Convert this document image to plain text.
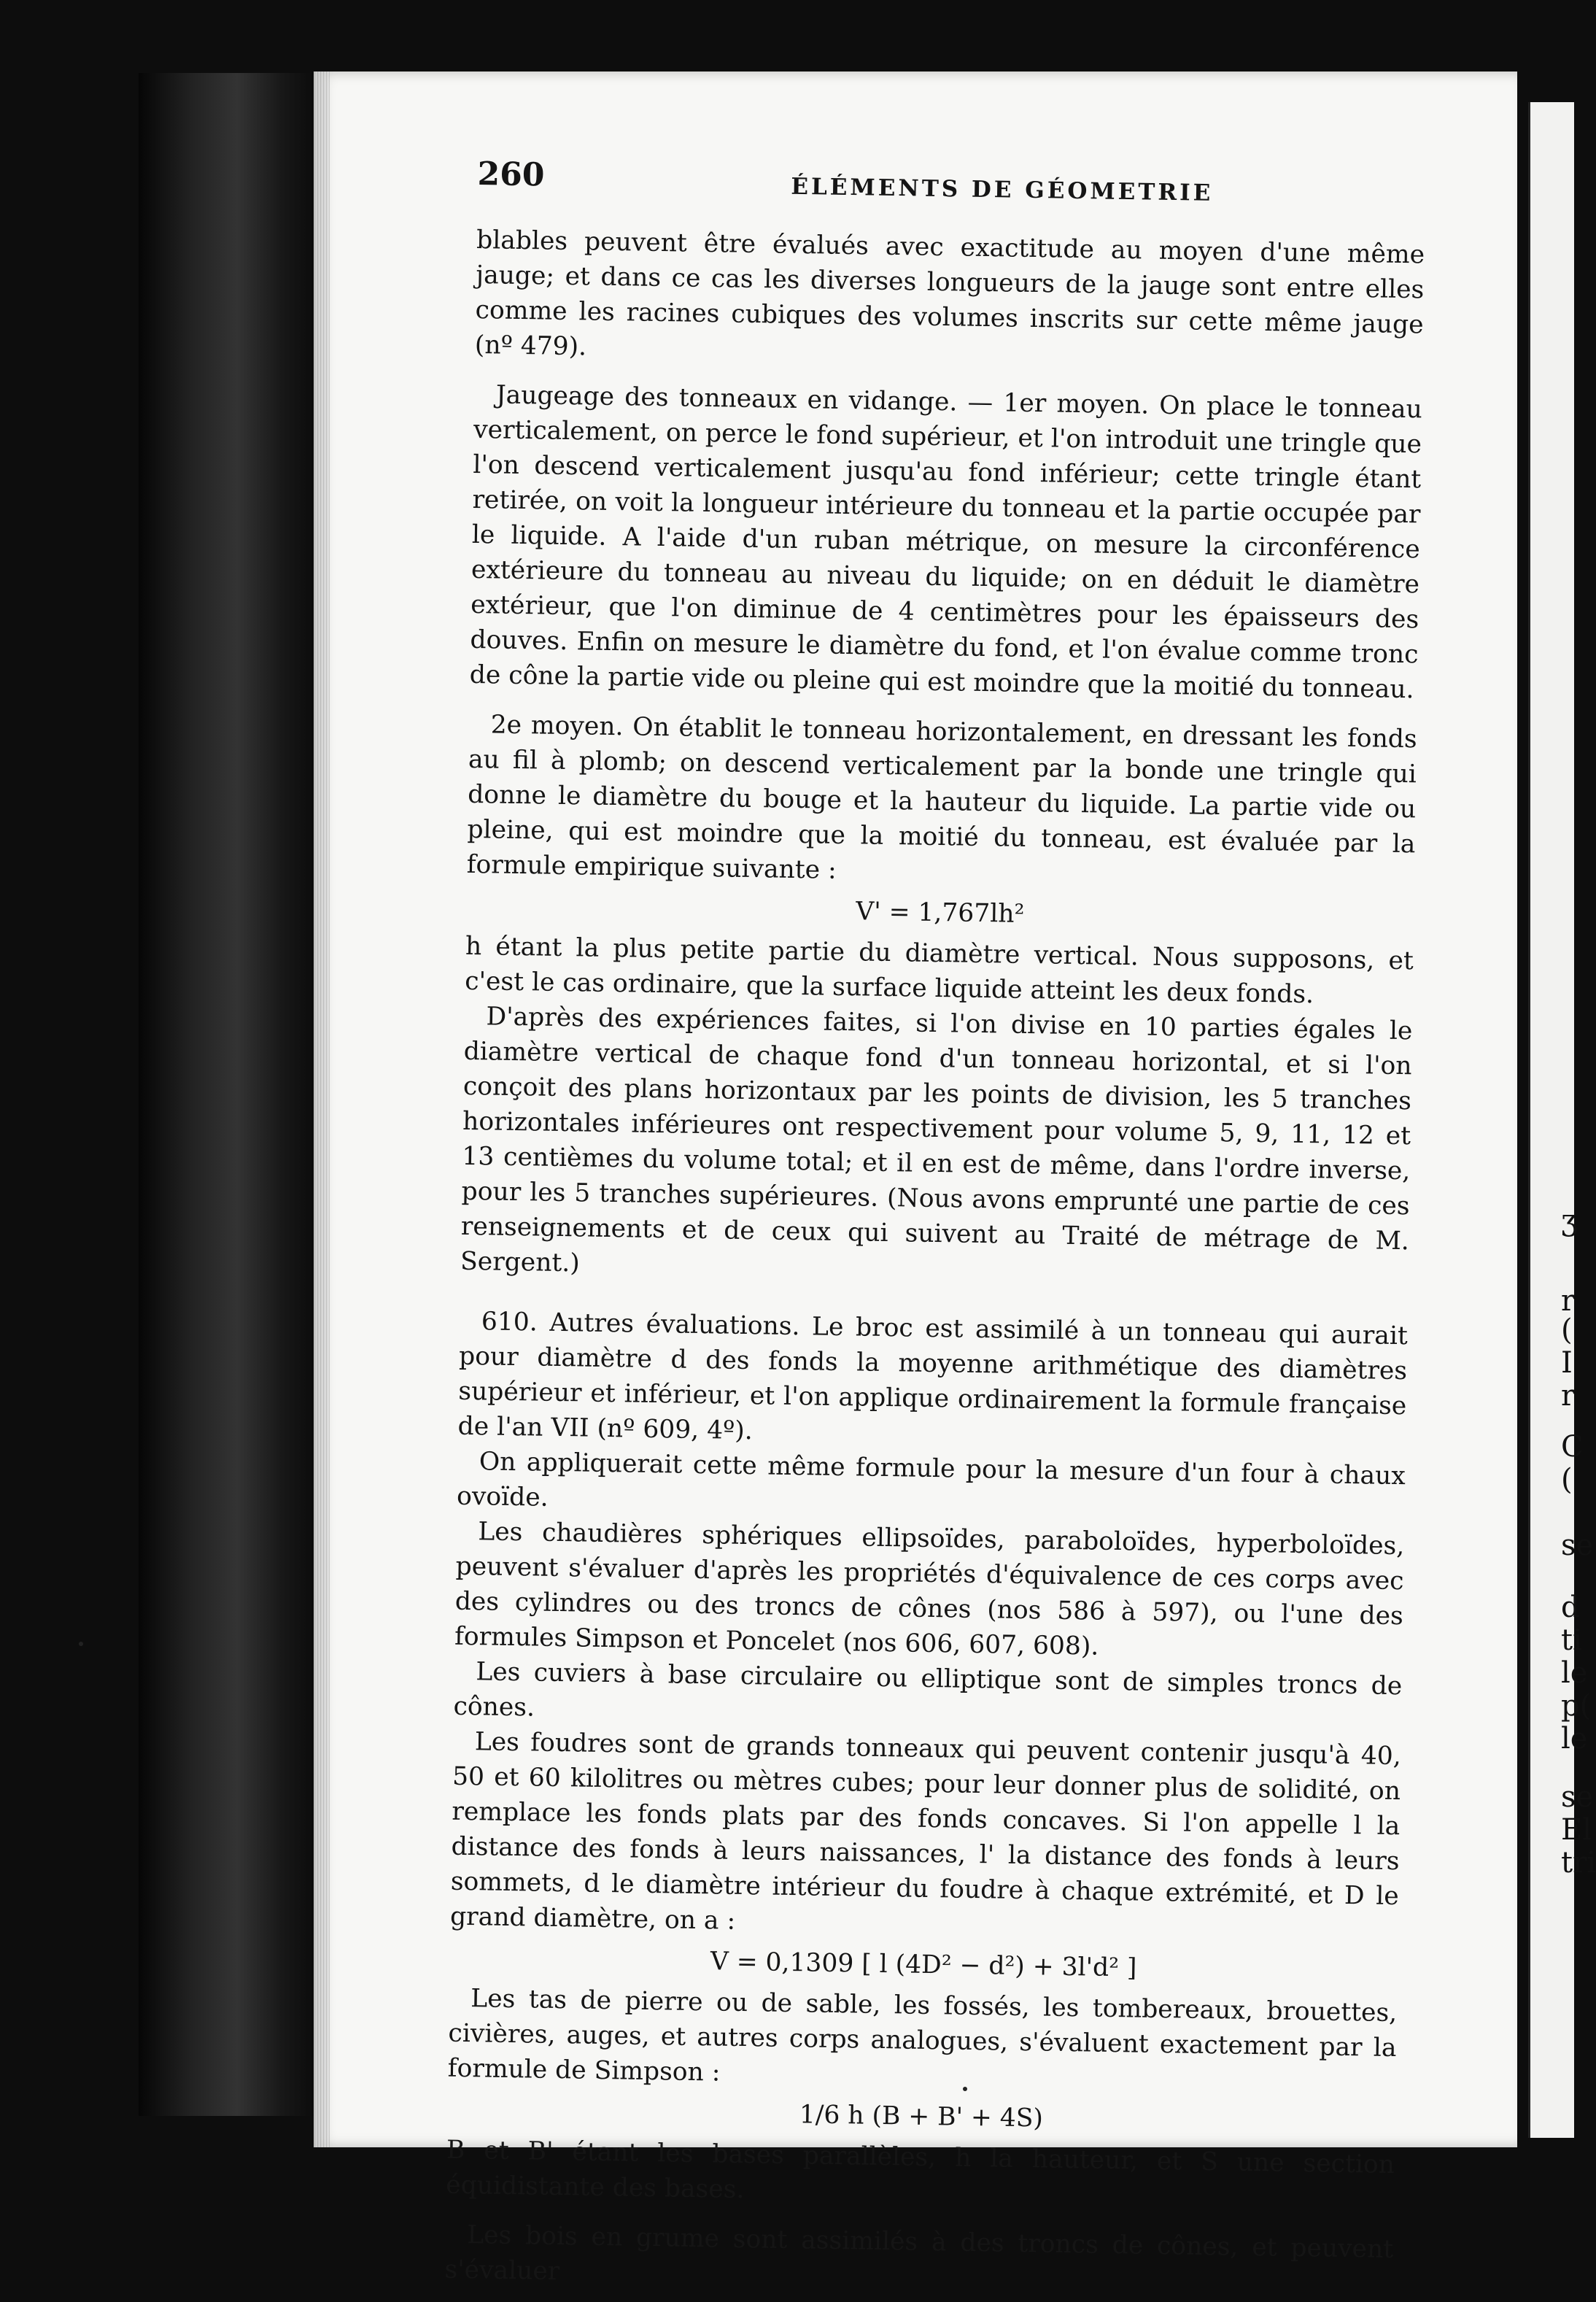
ʒ
r
(
I
r
C
(
se
d
ti
le
p(
le
se
El
tri
260	ÉLÉMENTS DE GÉOMETRIE

blables peuvent être évalués avec exactitude au moyen d'une même jauge; et dans ce cas les diverses longueurs de la jauge sont entre elles comme les racines cubiques des volumes inscrits sur cette même jauge (nº 479).

Jaugeage des tonneaux en vidange. — 1er moyen. On place le tonneau verticalement, on perce le fond supérieur, et l'on introduit une tringle que l'on descend verticalement jusqu'au fond inférieur; cette tringle étant retirée, on voit la longueur intérieure du tonneau et la partie occupée par le liquide. A l'aide d'un ruban métrique, on mesure la circonférence extérieure du tonneau au niveau du liquide; on en déduit le diamètre extérieur, que l'on diminue de 4 centimètres pour les épaisseurs des douves. Enfin on mesure le diamètre du fond, et l'on évalue comme tronc de cône la partie vide ou pleine qui est moindre que la moitié du tonneau.

2e moyen. On établit le tonneau horizontalement, en dressant les fonds au fil à plomb; on descend verticalement par la bonde une tringle qui donne le diamètre du bouge et la hauteur du liquide. La partie vide ou pleine, qui est moindre que la moitié du tonneau, est évaluée par la formule empirique suivante :

V' = 1,767lh²

h étant la plus petite partie du diamètre vertical. Nous supposons, et c'est le cas ordinaire, que la surface liquide atteint les deux fonds.

D'après des expériences faites, si l'on divise en 10 parties égales le diamètre vertical de chaque fond d'un tonneau horizontal, et si l'on conçoit des plans horizontaux par les points de division, les 5 tranches horizontales inférieures ont respectivement pour volume 5, 9, 11, 12 et 13 centièmes du volume total; et il en est de même, dans l'ordre inverse, pour les 5 tranches supérieures. (Nous avons emprunté une partie de ces renseignements et de ceux qui suivent au Traité de métrage de M. Sergent.)

610. Autres évaluations. Le broc est assimilé à un tonneau qui aurait pour diamètre d des fonds la moyenne arithmétique des diamètres supérieur et inférieur, et l'on applique ordinairement la formule française de l'an VII (nº 609, 4º).

On appliquerait cette même formule pour la mesure d'un four à chaux ovoïde.

Les chaudières sphériques ellipsoïdes, paraboloïdes, hyperboloïdes, peuvent s'évaluer d'après les propriétés d'équivalence de ces corps avec des cylindres ou des troncs de cônes (nos 586 à 597), ou l'une des formules Simpson et Poncelet (nos 606, 607, 608).

Les cuviers à base circulaire ou elliptique sont de simples troncs de cônes.

Les foudres sont de grands tonneaux qui peuvent contenir jusqu'à 40, 50 et 60 kilolitres ou mètres cubes; pour leur donner plus de solidité, on remplace les fonds plats par des fonds concaves. Si l'on appelle l la distance des fonds à leurs naissances, l' la distance des fonds à leurs sommets, d le diamètre intérieur du foudre à chaque extrémité, et D le grand diamètre, on a :

V = 0,1309 [ l (4D² − d²) + 3l'd² ]

Les tas de pierre ou de sable, les fossés, les tombereaux, brouettes, civières, auges, et autres corps analogues, s'évaluent exactement par la formule de Simpson :

1/6 h (B + B' + 4S)

B et B' étant les bases parallèles, h la hauteur, et S une section équidistante des bases.

Les bois en grume sont assimilés à des troncs de cônes, et peuvent s'évaluer
